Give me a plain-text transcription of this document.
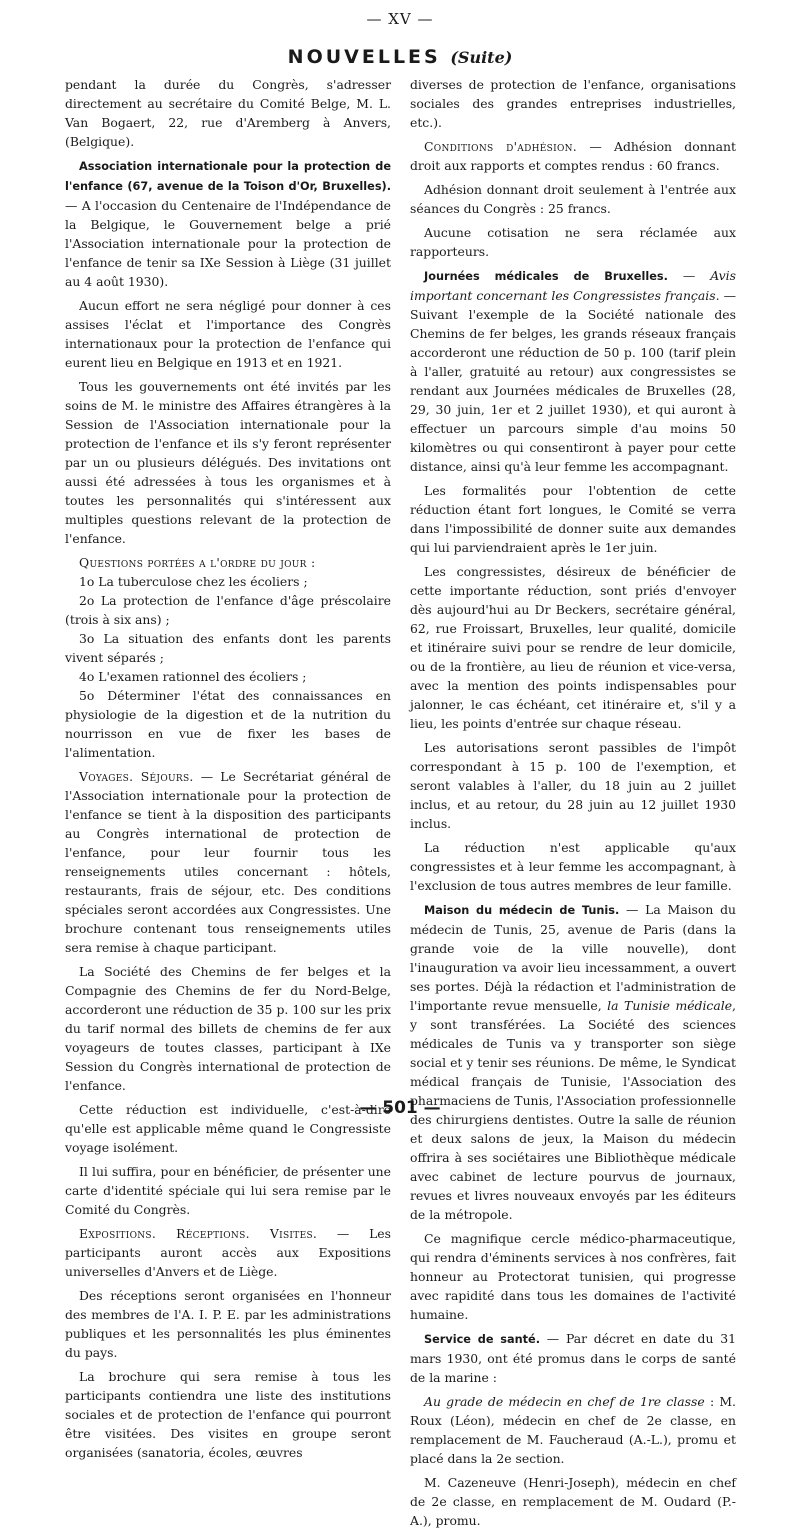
— XV —
NOUVELLES (Suite)

pendant la durée du Congrès, s'adresser directement au secrétaire du Comité Belge, M. L. Van Bogaert, 22, rue d'Aremberg à Anvers, (Belgique).

Association internationale pour la protection de l'enfance (67, avenue de la Toison d'Or, Bruxelles). — A l'occasion du Centenaire de l'Indépendance de la Belgique, le Gouvernement belge a prié l'Association internationale pour la protection de l'enfance de tenir sa IXe Session à Liège (31 juillet au 4 août 1930).

Aucun effort ne sera négligé pour donner à ces assises l'éclat et l'importance des Congrès internationaux pour la protection de l'enfance qui eurent lieu en Belgique en 1913 et en 1921.

Tous les gouvernements ont été invités par les soins de M. le ministre des Affaires étrangères à la Session de l'Association internationale pour la protection de l'enfance et ils s'y feront représenter par un ou plusieurs délégués. Des invitations ont aussi été adressées à tous les organismes et à toutes les personnalités qui s'intéressent aux multiples questions relevant de la protection de l'enfance.

Questions portées a l'ordre du jour :

1o La tuberculose chez les écoliers ;

2o La protection de l'enfance d'âge préscolaire (trois à six ans) ;

3o La situation des enfants dont les parents vivent séparés ;

4o L'examen rationnel des écoliers ;

5o Déterminer l'état des connaissances en physiologie de la digestion et de la nutrition du nourrisson en vue de fixer les bases de l'alimentation.

Voyages. Séjours. — Le Secrétariat général de l'Association internationale pour la protection de l'enfance se tient à la disposition des participants au Congrès international de protection de l'enfance, pour leur fournir tous les renseignements utiles concernant : hôtels, restaurants, frais de séjour, etc. Des conditions spéciales seront accordées aux Congressistes. Une brochure contenant tous renseignements utiles sera remise à chaque participant.

La Société des Chemins de fer belges et la Compagnie des Chemins de fer du Nord-Belge, accorderont une réduction de 35 p. 100 sur les prix du tarif normal des billets de chemins de fer aux voyageurs de toutes classes, participant à IXe Session du Congrès international de protection de l'enfance.

Cette réduction est individuelle, c'est-à-dire qu'elle est applicable même quand le Congressiste voyage isolément.

Il lui suffira, pour en bénéficier, de présenter une carte d'identité spéciale qui lui sera remise par le Comité du Congrès.

Expositions. Réceptions. Visites. — Les participants auront accès aux Expositions universelles d'Anvers et de Liège.

Des réceptions seront organisées en l'honneur des membres de l'A. I. P. E. par les administrations publiques et les personnalités les plus éminentes du pays.

La brochure qui sera remise à tous les participants contiendra une liste des institutions sociales et de protection de l'enfance qui pourront être visitées. Des visites en groupe seront organisées (sanatoria, écoles, œuvres

diverses de protection de l'enfance, organisations sociales des grandes entreprises industrielles, etc.).

Conditions d'adhésion. — Adhésion donnant droit aux rapports et comptes rendus : 60 francs.

Adhésion donnant droit seulement à l'entrée aux séances du Congrès : 25 francs.

Aucune cotisation ne sera réclamée aux rapporteurs.

Journées médicales de Bruxelles. — Avis important concernant les Congressistes français. — Suivant l'exemple de la Société nationale des Chemins de fer belges, les grands réseaux français accorderont une réduction de 50 p. 100 (tarif plein à l'aller, gratuité au retour) aux congressistes se rendant aux Journées médicales de Bruxelles (28, 29, 30 juin, 1er et 2 juillet 1930), et qui auront à effectuer un parcours simple d'au moins 50 kilomètres ou qui consentiront à payer pour cette distance, ainsi qu'à leur femme les accompagnant.

Les formalités pour l'obtention de cette réduction étant fort longues, le Comité se verra dans l'impossibilité de donner suite aux demandes qui lui parviendraient après le 1er juin.

Les congressistes, désireux de bénéficier de cette importante réduction, sont priés d'envoyer dès aujourd'hui au Dr Beckers, secrétaire général, 62, rue Froissart, Bruxelles, leur qualité, domicile et itinéraire suivi pour se rendre de leur domicile, ou de la frontière, au lieu de réunion et vice-versa, avec la mention des points indispensables pour jalonner, le cas échéant, cet itinéraire et, s'il y a lieu, les points d'entrée sur chaque réseau.

Les autorisations seront passibles de l'impôt correspondant à 15 p. 100 de l'exemption, et seront valables à l'aller, du 18 juin au 2 juillet inclus, et au retour, du 28 juin au 12 juillet 1930 inclus.

La réduction n'est applicable qu'aux congressistes et à leur femme les accompagnant, à l'exclusion de tous autres membres de leur famille.

Maison du médecin de Tunis. — La Maison du médecin de Tunis, 25, avenue de Paris (dans la grande voie de la ville nouvelle), dont l'inauguration va avoir lieu incessamment, a ouvert ses portes. Déjà la rédaction et l'administration de l'importante revue mensuelle, la Tunisie médicale, y sont transférées. La Société des sciences médicales de Tunis va y transporter son siège social et y tenir ses réunions. De même, le Syndicat médical français de Tunisie, l'Association des pharmaciens de Tunis, l'Association professionnelle des chirurgiens dentistes. Outre la salle de réunion et deux salons de jeux, la Maison du médecin offrira à ses sociétaires une Bibliothèque médicale avec cabinet de lecture pourvus de journaux, revues et livres nouveaux envoyés par les éditeurs de la métropole.

Ce magnifique cercle médico-pharmaceutique, qui rendra d'éminents services à nos confrères, fait honneur au Protectorat tunisien, qui progresse avec rapidité dans tous les domaines de l'activité humaine.

Service de santé. — Par décret en date du 31 mars 1930, ont été promus dans le corps de santé de la marine :

Au grade de médecin en chef de 1re classe : M. Roux (Léon), médecin en chef de 2e classe, en remplacement de M. Faucheraud (A.-L.), promu et placé dans la 2e section.

M. Cazeneuve (Henri-Joseph), médecin en chef de 2e classe, en remplacement de M. Oudard (P.-A.), promu.

— 501 —
